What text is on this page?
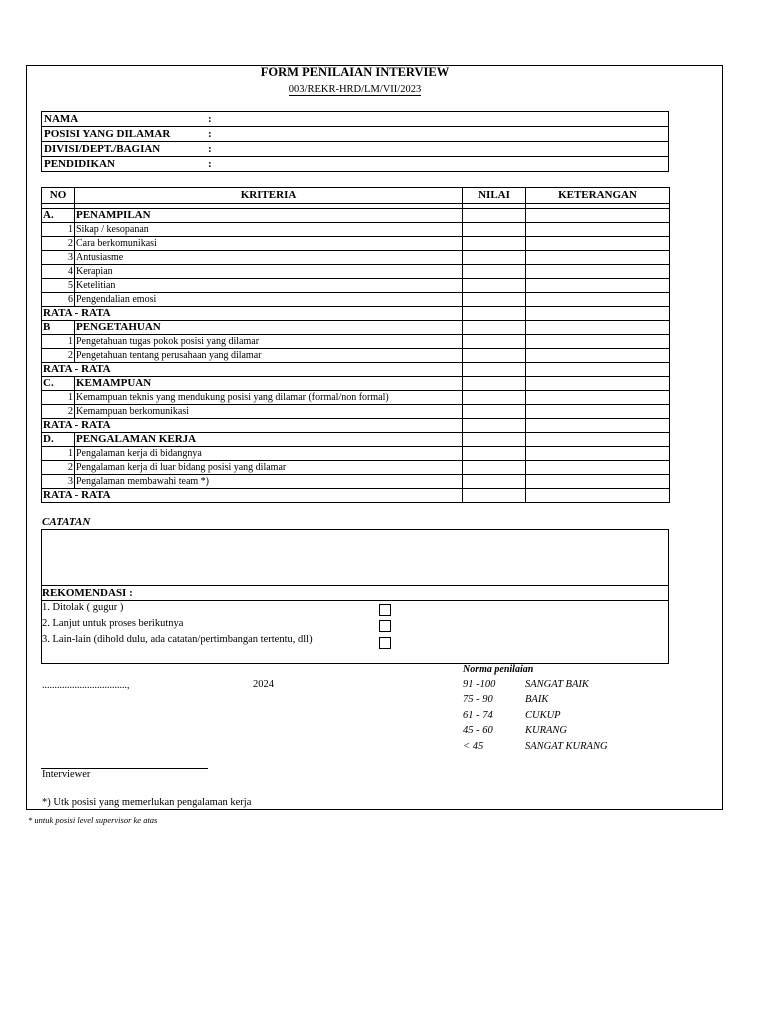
FORM PENILAIAN INTERVIEW
003/REKR-HRD/LM/VII/2023
NAMA	:
POSISI YANG DILAMAR	:
DIVISI/DEPT./BAGIAN	:
PENDIDIKAN	:
NO	KRITERIA	NILAI	KETERANGAN

A.	PENAMPILAN		
1	Sikap / kesopanan		
2	Cara berkomunikasi		
3	Antusiasme		
4	Kerapian		
5	Ketelitian		
6	Pengendalian emosi		
RATA - RATA			
B	PENGETAHUAN		
1	Pengetahuan tugas pokok posisi yang dilamar		
2	Pengetahuan tentang perusahaan yang dilamar		
RATA - RATA			
C.	KEMAMPUAN		
1	Kemampuan teknis yang mendukung posisi yang dilamar (formal/non formal)		
2	Kemampuan berkomunikasi		
RATA - RATA			
D.	PENGALAMAN KERJA		
1	Pengalaman kerja di bidangnya		
2	Pengalaman kerja di luar bidang posisi yang dilamar		
3	Pengalaman membawahi team *)		
RATA - RATA			
CATATAN
REKOMENDASI :
1. Ditolak ( gugur )
2. Lanjut untuk proses berikutnya
3. Lain-lain (dihold dulu, ada catatan/pertimbangan tertentu, dll)
..................................,	2024
Norma penilaian
91 -100	SANGAT BAIK
75 - 90	BAIK
61 - 74	CUKUP
45 - 60	KURANG
< 45	SANGAT KURANG
Interviewer
*) Utk posisi yang memerlukan pengalaman kerja
* untuk posisi level supervisor ke atas
